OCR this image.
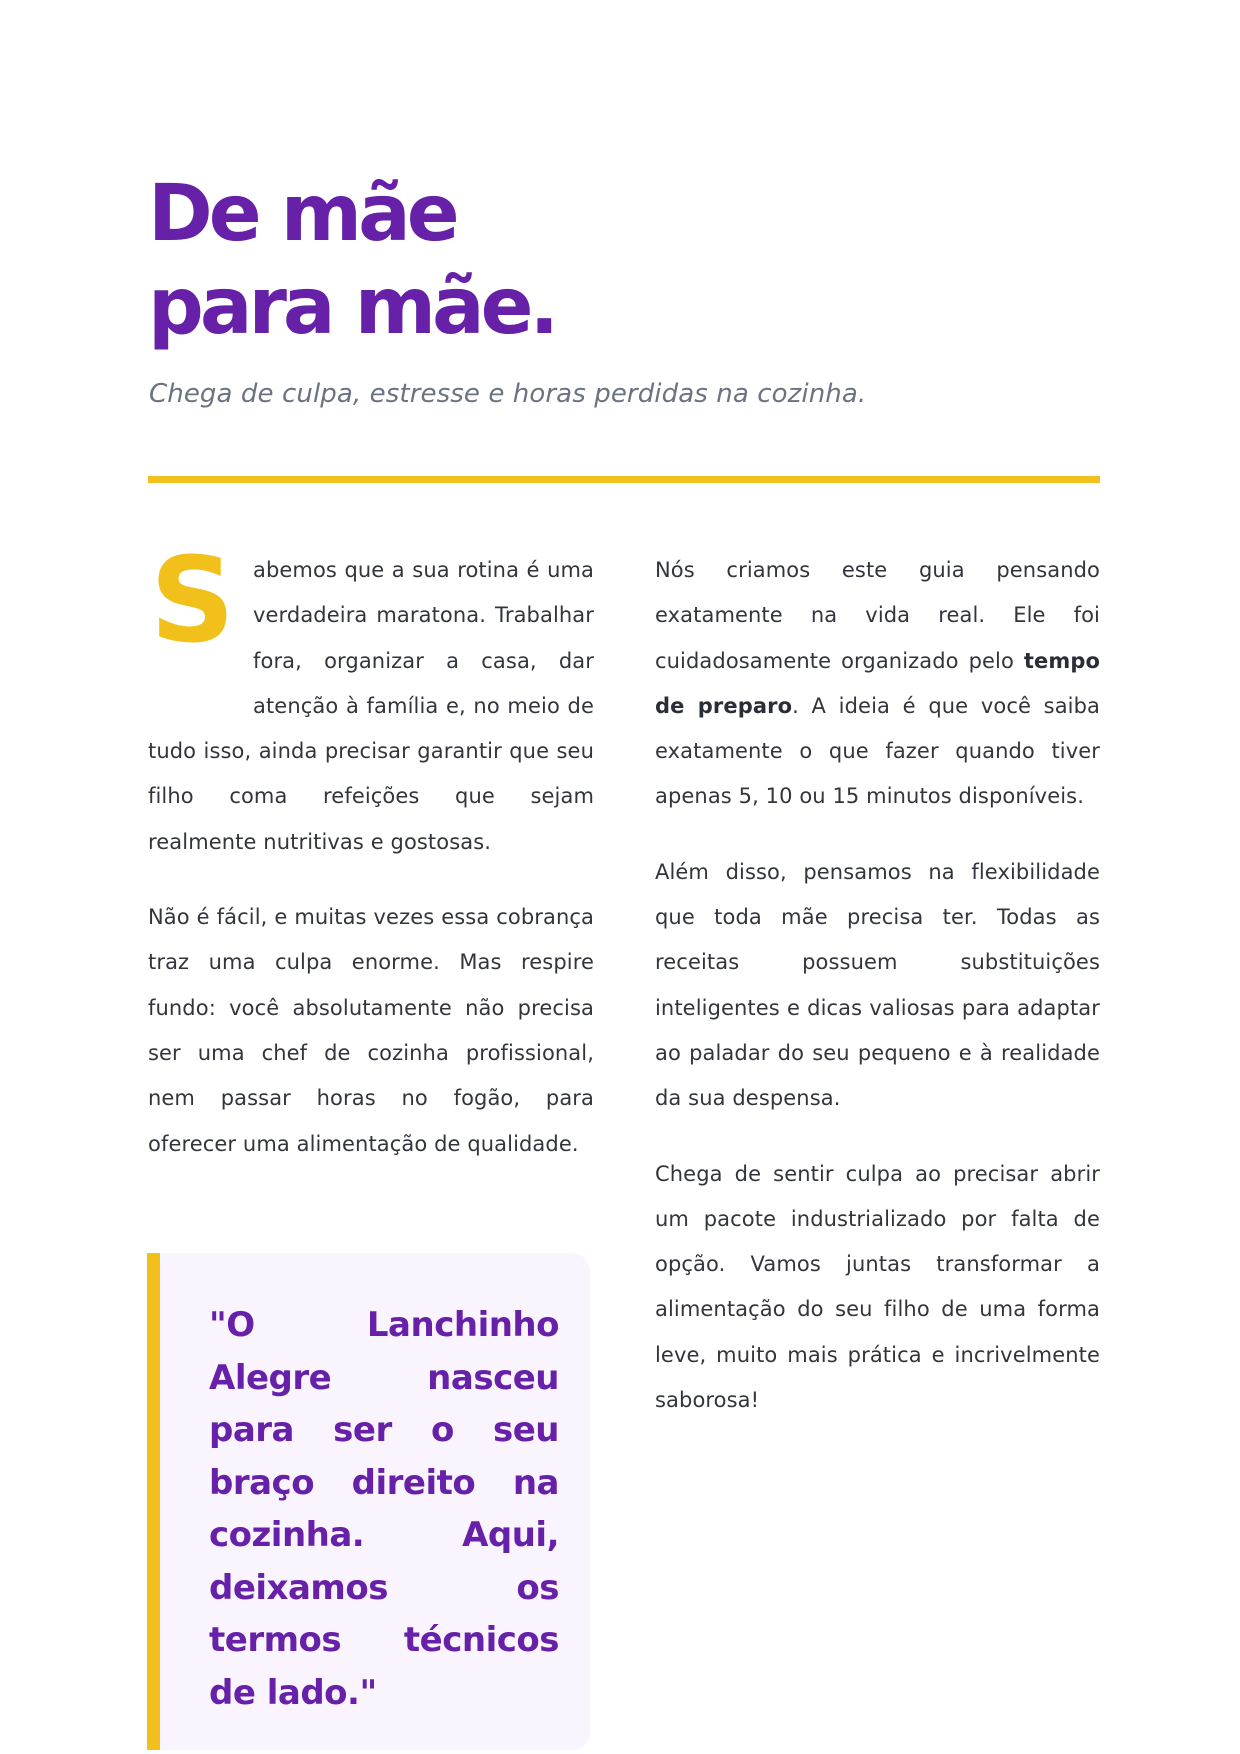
De mãe
para mãe.

Chega de culpa, estresse e horas perdidas na cozinha.

Sabemos que a sua rotina é uma verdadeira maratona. Trabalhar fora, organizar a casa, dar atenção à família e, no meio de tudo isso, ainda precisar garantir que seu filho coma refeições que sejam realmente nutritivas e gostosas.

Não é fácil, e muitas vezes essa cobrança traz uma culpa enorme. Mas respire fundo: você absolutamente não precisa ser uma chef de cozinha profissional, nem passar horas no fogão, para oferecer uma alimentação de qualidade.

"O Lanchinho Alegre nasceu para ser o seu braço direito na cozinha. Aqui, deixamos os termos técnicos de lado."

Nós criamos este guia pensando exatamente na vida real. Ele foi cuidadosamente organizado pelo tempo de preparo. A ideia é que você saiba exatamente o que fazer quando tiver apenas 5, 10 ou 15 minutos disponíveis.

Além disso, pensamos na flexibilidade que toda mãe precisa ter. Todas as receitas possuem substituições inteligentes e dicas valiosas para adaptar ao paladar do seu pequeno e à realidade da sua despensa.

Chega de sentir culpa ao precisar abrir um pacote industrializado por falta de opção. Vamos juntas transformar a alimentação do seu filho de uma forma leve, muito mais prática e incrivelmente saborosa!
